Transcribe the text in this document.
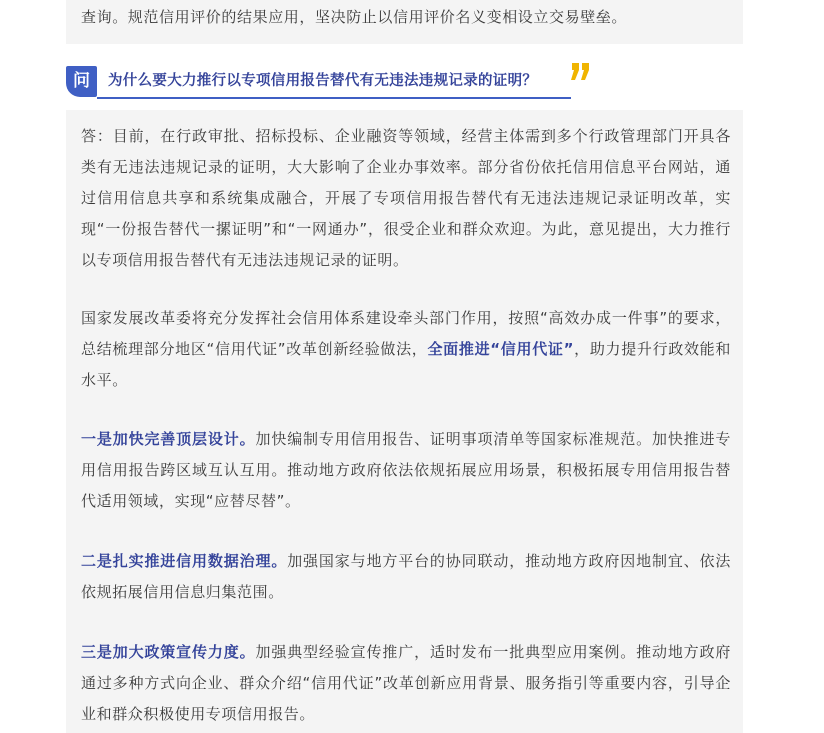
查询。规范信用评价的结果应用，坚决防止以信用评价名义变相设立交易壁垒。

问	为什么要大力推行以专项信用报告替代有无违法违规记录的证明？

答：目前，在行政审批、招标投标、企业融资等领域，经营主体需到多个行政管理部门开具各类有无违法违规记录的证明，大大影响了企业办事效率。部分省份依托信用信息平台网站，通过信用信息共享和系统集成融合，开展了专项信用报告替代有无违法违规记录证明改革，实现“一份报告替代一摞证明”和“一网通办”，很受企业和群众欢迎。为此，意见提出，大力推行以专项信用报告替代有无违法违规记录的证明。

国家发展改革委将充分发挥社会信用体系建设牵头部门作用，按照“高效办成一件事”的要求，总结梳理部分地区“信用代证”改革创新经验做法，全面推进“信用代证”，助力提升行政效能和水平。

一是加快完善顶层设计。加快编制专用信用报告、证明事项清单等国家标准规范。加快推进专用信用报告跨区域互认互用。推动地方政府依法依规拓展应用场景，积极拓展专用信用报告替代适用领域，实现“应替尽替”。

二是扎实推进信用数据治理。加强国家与地方平台的协同联动，推动地方政府因地制宜、依法依规拓展信用信息归集范围。

三是加大政策宣传力度。加强典型经验宣传推广，适时发布一批典型应用案例。推动地方政府通过多种方式向企业、群众介绍“信用代证”改革创新应用背景、服务指引等重要内容，引导企业和群众积极使用专项信用报告。
